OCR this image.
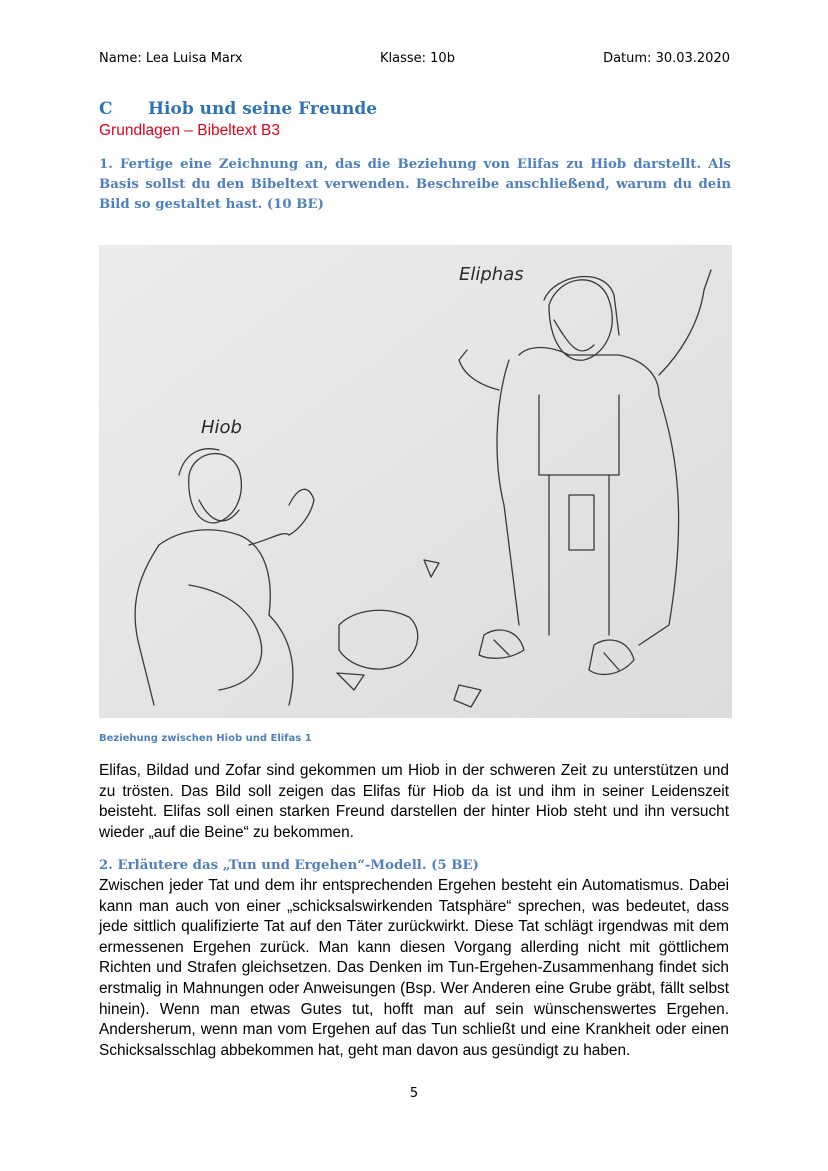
Name: Lea Luisa Marx	Klasse: 10b	Datum: 30.03.2020
C Hiob und seine Freunde
Grundlagen – Bibeltext B3
1. Fertige eine Zeichnung an, das die Beziehung von Elifas zu Hiob darstellt. Als Basis sollst du den Bibeltext verwenden. Beschreibe anschließend, warum du dein Bild so gestaltet hast. (10 BE)
Eliphas
Hiob
Beziehung zwischen Hiob und Elifas 1
Elifas, Bildad und Zofar sind gekommen um Hiob in der schweren Zeit zu unterstützen und zu trösten. Das Bild soll zeigen das Elifas für Hiob da ist und ihm in seiner Leidenszeit beisteht. Elifas soll einen starken Freund darstellen der hinter Hiob steht und ihn versucht wieder „auf die Beine“ zu bekommen.
2. Erläutere das „Tun und Ergehen“-Modell. (5 BE)
Zwischen jeder Tat und dem ihr entsprechenden Ergehen besteht ein Automatismus. Dabei kann man auch von einer „schicksalswirkenden Tatsphäre“ sprechen, was bedeutet, dass jede sittlich qualifizierte Tat auf den Täter zurückwirkt. Diese Tat schlägt irgendwas mit dem ermessenen Ergehen zurück. Man kann diesen Vorgang allerding nicht mit göttlichem Richten und Strafen gleichsetzen. Das Denken im Tun-Ergehen-Zusammenhang findet sich erstmalig in Mahnungen oder Anweisungen (Bsp. Wer Anderen eine Grube gräbt, fällt selbst hinein). Wenn man etwas Gutes tut, hofft man auf sein wünschenswertes Ergehen. Andersherum, wenn man vom Ergehen auf das Tun schließt und eine Krankheit oder einen Schicksalsschlag abbekommen hat, geht man davon aus gesündigt zu haben.
5
